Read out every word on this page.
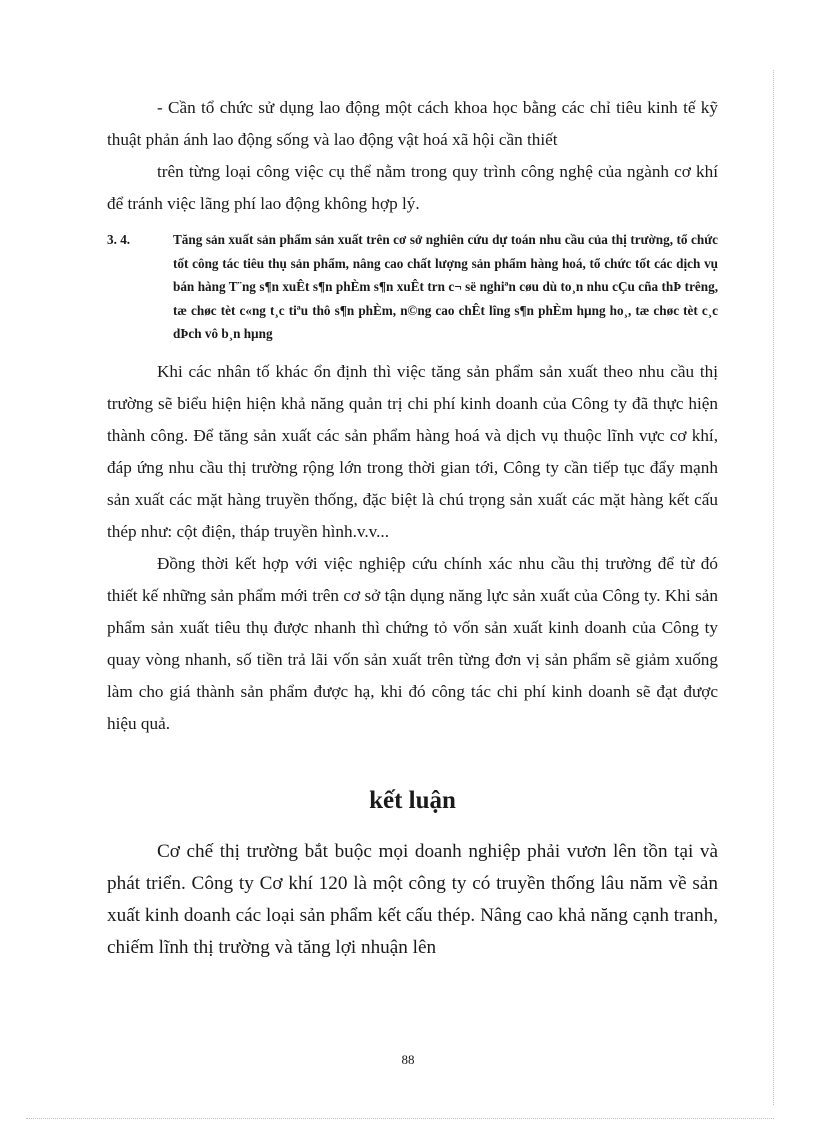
- Cần tổ chức sử dụng lao động một cách khoa học bằng các chỉ tiêu kinh tế kỹ thuật phản ánh lao động sống và lao động vật hoá xã hội cần thiết

trên từng loại công việc cụ thể nằm trong quy trình công nghệ của ngành cơ khí để tránh việc lãng phí lao động không hợp lý.

3. 4.	Tăng sản xuất sản phẩm sản xuất trên cơ sở nghiên cứu dự toán nhu cầu của thị trường, tổ chức tốt công tác tiêu thụ sản phẩm, nâng cao chất lượng sản phẩm hàng hoá, tổ chức tốt các dịch vụ bán hàng T¨ng s¶n xuÊt s¶n phÈm s¶n xuÊt trn c¬ së nghiªn cøu dù to¸n nhu cÇu cña thÞ trêng, tæ chøc tèt c«ng t¸c tiªu thô s¶n phÈm, n©ng cao chÊt lîng s¶n phÈm hµng ho¸, tæ chøc tèt c¸c dÞch vô b¸n hµng

Khi các nhân tố khác ổn định thì việc tăng sản phẩm sản xuất theo nhu cầu thị trường sẽ biểu hiện hiện khả năng quản trị chi phí kinh doanh của Công ty đã thực hiện thành công. Để tăng sản xuất các sản phẩm hàng hoá và dịch vụ thuộc lĩnh vực cơ khí, đáp ứng nhu cầu thị trường rộng lớn trong thời gian tới, Công ty cần tiếp tục đẩy mạnh sản xuất các mặt hàng truyền thống, đặc biệt là chú trọng sản xuất các mặt hàng kết cấu thép như: cột điện, tháp truyền hình.v.v...

Đồng thời kết hợp với việc nghiệp cứu chính xác nhu cầu thị trường để từ đó thiết kế những sản phẩm mới trên cơ sở tận dụng năng lực sản xuất của Công ty. Khi sản phẩm sản xuất tiêu thụ được nhanh thì chứng tỏ vốn sản xuất kinh doanh của Công ty quay vòng nhanh, số tiền trả lãi vốn sản xuất trên từng đơn vị sản phẩm sẽ giảm xuống làm cho giá thành sản phẩm được hạ, khi đó công tác chi phí kinh doanh sẽ đạt được hiệu quả.

kết luận

Cơ chế thị trường bắt buộc mọi doanh nghiệp phải vươn lên tồn tại và phát triển. Công ty Cơ khí 120 là một công ty có truyền thống lâu năm về sản xuất kinh doanh các loại sản phẩm kết cấu thép. Nâng cao khả năng cạnh tranh, chiếm lĩnh thị trường và tăng lợi nhuận lên

88
